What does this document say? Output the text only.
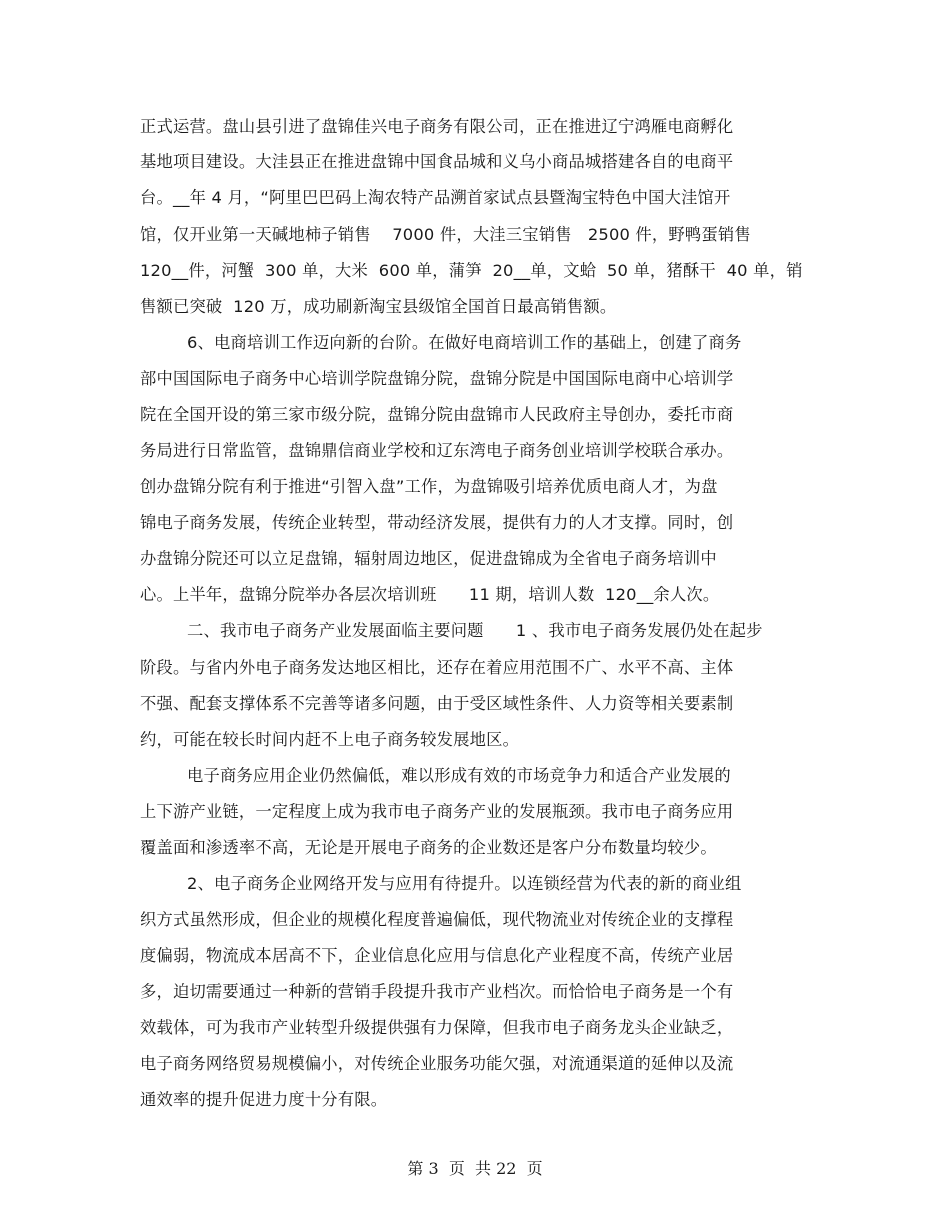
正式运营。盘山县引进了盘锦佳兴电子商务有限公司，正在推进辽宁鸿雁电商孵化
基地项目建设。大洼县正在推进盘锦中国食品城和义乌小商品城搭建各自的电商平
台。__年 4 月，“阿里巴巴码上淘农特产品溯首家试点县暨淘宝特色中国大洼馆开
馆，仅开业第一天碱地柿子销售    7000 件，大洼三宝销售   2500 件，野鸭蛋销售
120__件，河蟹  300 单，大米  600 单，蒲笋  20__单，文蛤  50 单，猪酥干  40 单，销
售额已突破  120 万，成功刷新淘宝县级馆全国首日最高销售额。
6、电商培训工作迈向新的台阶。在做好电商培训工作的基础上，创建了商务
部中国国际电子商务中心培训学院盘锦分院，盘锦分院是中国国际电商中心培训学
院在全国开设的第三家市级分院，盘锦分院由盘锦市人民政府主导创办，委托市商
务局进行日常监管，盘锦鼎信商业学校和辽东湾电子商务创业培训学校联合承办。
创办盘锦分院有利于推进“引智入盘”工作，为盘锦吸引培养优质电商人才，为盘
锦电子商务发展，传统企业转型，带动经济发展，提供有力的人才支撑。同时，创
办盘锦分院还可以立足盘锦，辐射周边地区，促进盘锦成为全省电子商务培训中
心。上半年，盘锦分院举办各层次培训班      11 期，培训人数  120__余人次。
二、我市电子商务产业发展面临主要问题      1 、我市电子商务发展仍处在起步
阶段。与省内外电子商务发达地区相比，还存在着应用范围不广、水平不高、主体
不强、配套支撑体系不完善等诸多问题，由于受区域性条件、人力资等相关要素制
约，可能在较长时间内赶不上电子商务较发展地区。
电子商务应用企业仍然偏低，难以形成有效的市场竞争力和适合产业发展的
上下游产业链，一定程度上成为我市电子商务产业的发展瓶颈。我市电子商务应用
覆盖面和渗透率不高，无论是开展电子商务的企业数还是客户分布数量均较少。
2、电子商务企业网络开发与应用有待提升。以连锁经营为代表的新的商业组
织方式虽然形成，但企业的规模化程度普遍偏低，现代物流业对传统企业的支撑程
度偏弱，物流成本居高不下，企业信息化应用与信息化产业程度不高，传统产业居
多，迫切需要通过一种新的营销手段提升我市产业档次。而恰恰电子商务是一个有
效载体，可为我市产业转型升级提供强有力保障，但我市电子商务龙头企业缺乏，
电子商务网络贸易规模偏小，对传统企业服务功能欠强，对流通渠道的延伸以及流
通效率的提升促进力度十分有限。
第 3  页  共 22  页
